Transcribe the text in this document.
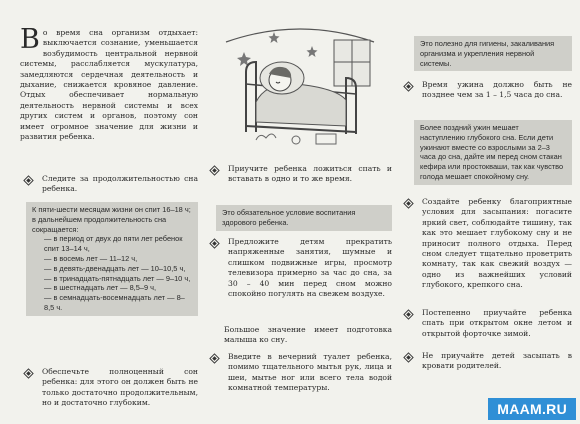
Во время сна организм отдыхает: выключается сознание, уменьшается возбудимость центральной нервной системы, расслабляется мускулатура, замедляются сердечная деятельность и дыхание, снижается кровяное давление. Отдых обеспечивает нормальную деятельность нервной системы и всех других систем и органов, поэтому сон имеет огромное значение для жизни и развития ребенка.

Следите за продолжительностью сна ребенка.

К пяти-шести месяцам жизни он спит 16–18 ч; в дальнейшем продолжительность сна сокращается:

— в период от двух до пяти лет ребенок спит 13–14 ч,

— в восемь лет — 11–12 ч,

— в девять-двенадцать лет — 10–10,5 ч,

— в тринадцать-пятнадцать лет — 9–10 ч,

— в шестнадцать лет — 8,5–9 ч,

— в семнадцать-восемнадцать лет — 8–8,5 ч.

Обеспечьте полноценный сон ребенка: для этого он должен быть не только достаточно продолжительным, но и достаточно глубоким.

Приучите ребенка ложиться спать и вставать в одно и то же время.

Это обязательное условие воспитания здорового ребенка.

Предложите детям прекратить напряженные занятия, шумные и слишком подвижные игры, просмотр телевизора примерно за час до сна, за 30 – 40 мин перед сном можно спокойно погулять на свежем воздухе.

Большое значение имеет подготовка малыша ко сну.

Введите в вечерний туалет ребенка, помимо тщательного мытья рук, лица и шеи, мытье ног или всего тела водой комнатной температуры.

Это полезно для гигиены, закаливания организма и укрепления нервной системы.

Время ужина должно быть не позднее чем за 1 – 1,5 часа до сна.

Более поздний ужин мешает наступлению глубокого сна. Если дети ужинают вместе со взрослыми за 2–3 часа до сна, дайте им перед сном стакан кефира или простокваши, так как чувство голода мешает спокойному сну.

Создайте ребенку благоприятные условия для засыпания: погасите яркий свет, соблюдайте тишину, так как это мешает глубокому сну и не приносит полного отдыха. Перед сном следует тщательно проветрить комнату, так как свежий воздух — одно из важнейших условий глубокого, крепкого сна.

Постепенно приучайте ребенка спать при открытом окне летом и открытой форточке зимой.

Не приучайте детей засыпать в кровати родителей.

MAAM.RU
